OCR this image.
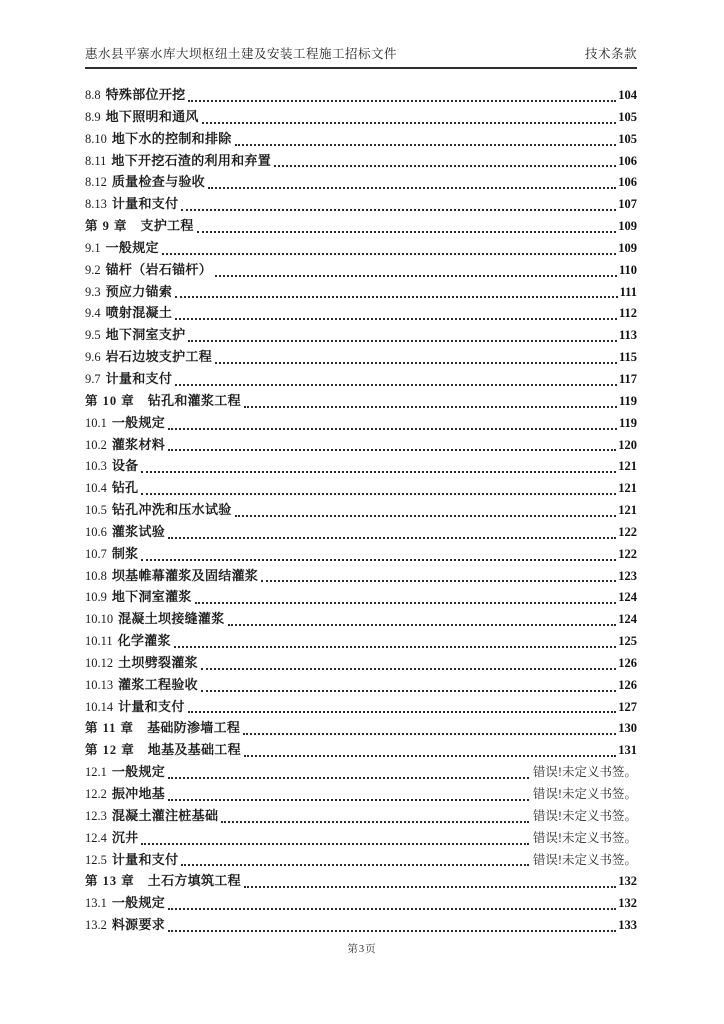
惠水县平寨水库大坝枢纽土建及安装工程施工招标文件	技术条款
8.8 特殊部位开挖	104
8.9 地下照明和通风	105
8.10 地下水的控制和排除	105
8.11 地下开挖石渣的利用和弃置	106
8.12 质量检查与验收	106
8.13 计量和支付	107
第 9 章 支护工程	109
9.1 一般规定	109
9.2 锚杆（岩石锚杆）	110
9.3 预应力锚索	111
9.4 喷射混凝土	112
9.5 地下洞室支护	113
9.6 岩石边坡支护工程	115
9.7 计量和支付	117
第 10 章 钻孔和灌浆工程	119
10.1 一般规定	119
10.2 灌浆材料	120
10.3 设备	121
10.4 钻孔	121
10.5 钻孔冲洗和压水试验	121
10.6 灌浆试验	122
10.7 制浆	122
10.8 坝基帷幕灌浆及固结灌浆	123
10.9 地下洞室灌浆	124
10.10 混凝土坝接缝灌浆	124
10.11 化学灌浆	125
10.12 土坝劈裂灌浆	126
10.13 灌浆工程验收	126
10.14 计量和支付	127
第 11 章 基础防渗墙工程	130
第 12 章 地基及基础工程	131
12.1 一般规定	错误!未定义书签。
12.2 振冲地基	错误!未定义书签。
12.3 混凝土灌注桩基础	错误!未定义书签。
12.4 沉井	错误!未定义书签。
12.5 计量和支付	错误!未定义书签。
第 13 章 土石方填筑工程	132
13.1 一般规定	132
13.2 料源要求	133
第3页
